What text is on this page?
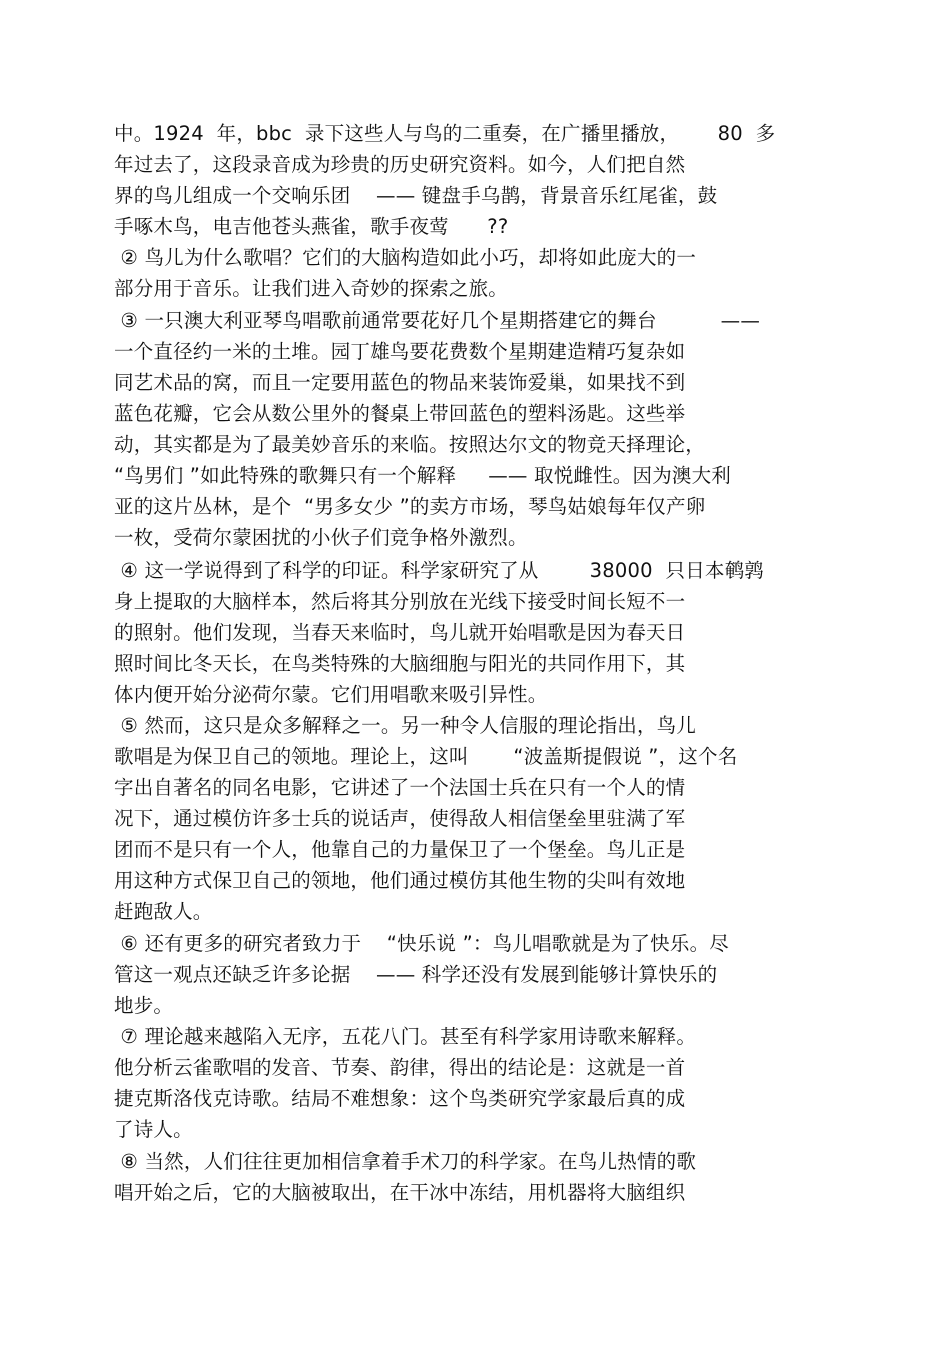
中。1924  年，bbc  录下这些人与鸟的二重奏，在广播里播放，      80  多
年过去了，这段录音成为珍贵的历史研究资料。如今，人们把自然
界的鸟儿组成一个交响乐团    —— 键盘手乌鹊，背景音乐红尾雀，鼓
手啄木鸟，电吉他苍头燕雀，歌手夜莺      ??
② 鸟儿为什么歌唱？它们的大脑构造如此小巧，却将如此庞大的一
部分用于音乐。让我们进入奇妙的探索之旅。
③ 一只澳大利亚琴鸟唱歌前通常要花好几个星期搭建它的舞台          ——
一个直径约一米的土堆。园丁雄鸟要花费数个星期建造精巧复杂如
同艺术品的窝，而且一定要用蓝色的物品来装饰爱巢，如果找不到
蓝色花瓣，它会从数公里外的餐桌上带回蓝色的塑料汤匙。这些举
动，其实都是为了最美妙音乐的来临。按照达尔文的物竞天择理论，
“鸟男们 ”如此特殊的歌舞只有一个解释     —— 取悦雌性。因为澳大利
亚的这片丛林，是个  “男多女少 ”的卖方市场，琴鸟姑娘每年仅产卵
一枚，受荷尔蒙困扰的小伙子们竞争格外激烈。
④ 这一学说得到了科学的印证。科学家研究了从        38000  只日本鹌鹑
身上提取的大脑样本，然后将其分别放在光线下接受时间长短不一
的照射。他们发现，当春天来临时，鸟儿就开始唱歌是因为春天日
照时间比冬天长，在鸟类特殊的大脑细胞与阳光的共同作用下，其
体内便开始分泌荷尔蒙。它们用唱歌来吸引异性。
⑤ 然而，这只是众多解释之一。另一种令人信服的理论指出，鸟儿
歌唱是为保卫自己的领地。理论上，这叫       “波盖斯提假说 ”，这个名
字出自著名的同名电影，它讲述了一个法国士兵在只有一个人的情
况下，通过模仿许多士兵的说话声，使得敌人相信堡垒里驻满了军
团而不是只有一个人，他靠自己的力量保卫了一个堡垒。鸟儿正是
用这种方式保卫自己的领地，他们通过模仿其他生物的尖叫有效地
赶跑敌人。
⑥ 还有更多的研究者致力于    “快乐说 ”：鸟儿唱歌就是为了快乐。尽
管这一观点还缺乏许多论据    —— 科学还没有发展到能够计算快乐的
地步。
⑦ 理论越来越陷入无序，五花八门。甚至有科学家用诗歌来解释。
他分析云雀歌唱的发音、节奏、韵律，得出的结论是：这就是一首
捷克斯洛伐克诗歌。结局不难想象：这个鸟类研究学家最后真的成
了诗人。
⑧ 当然，人们往往更加相信拿着手术刀的科学家。在鸟儿热情的歌
唱开始之后，它的大脑被取出，在干冰中冻结，用机器将大脑组织
